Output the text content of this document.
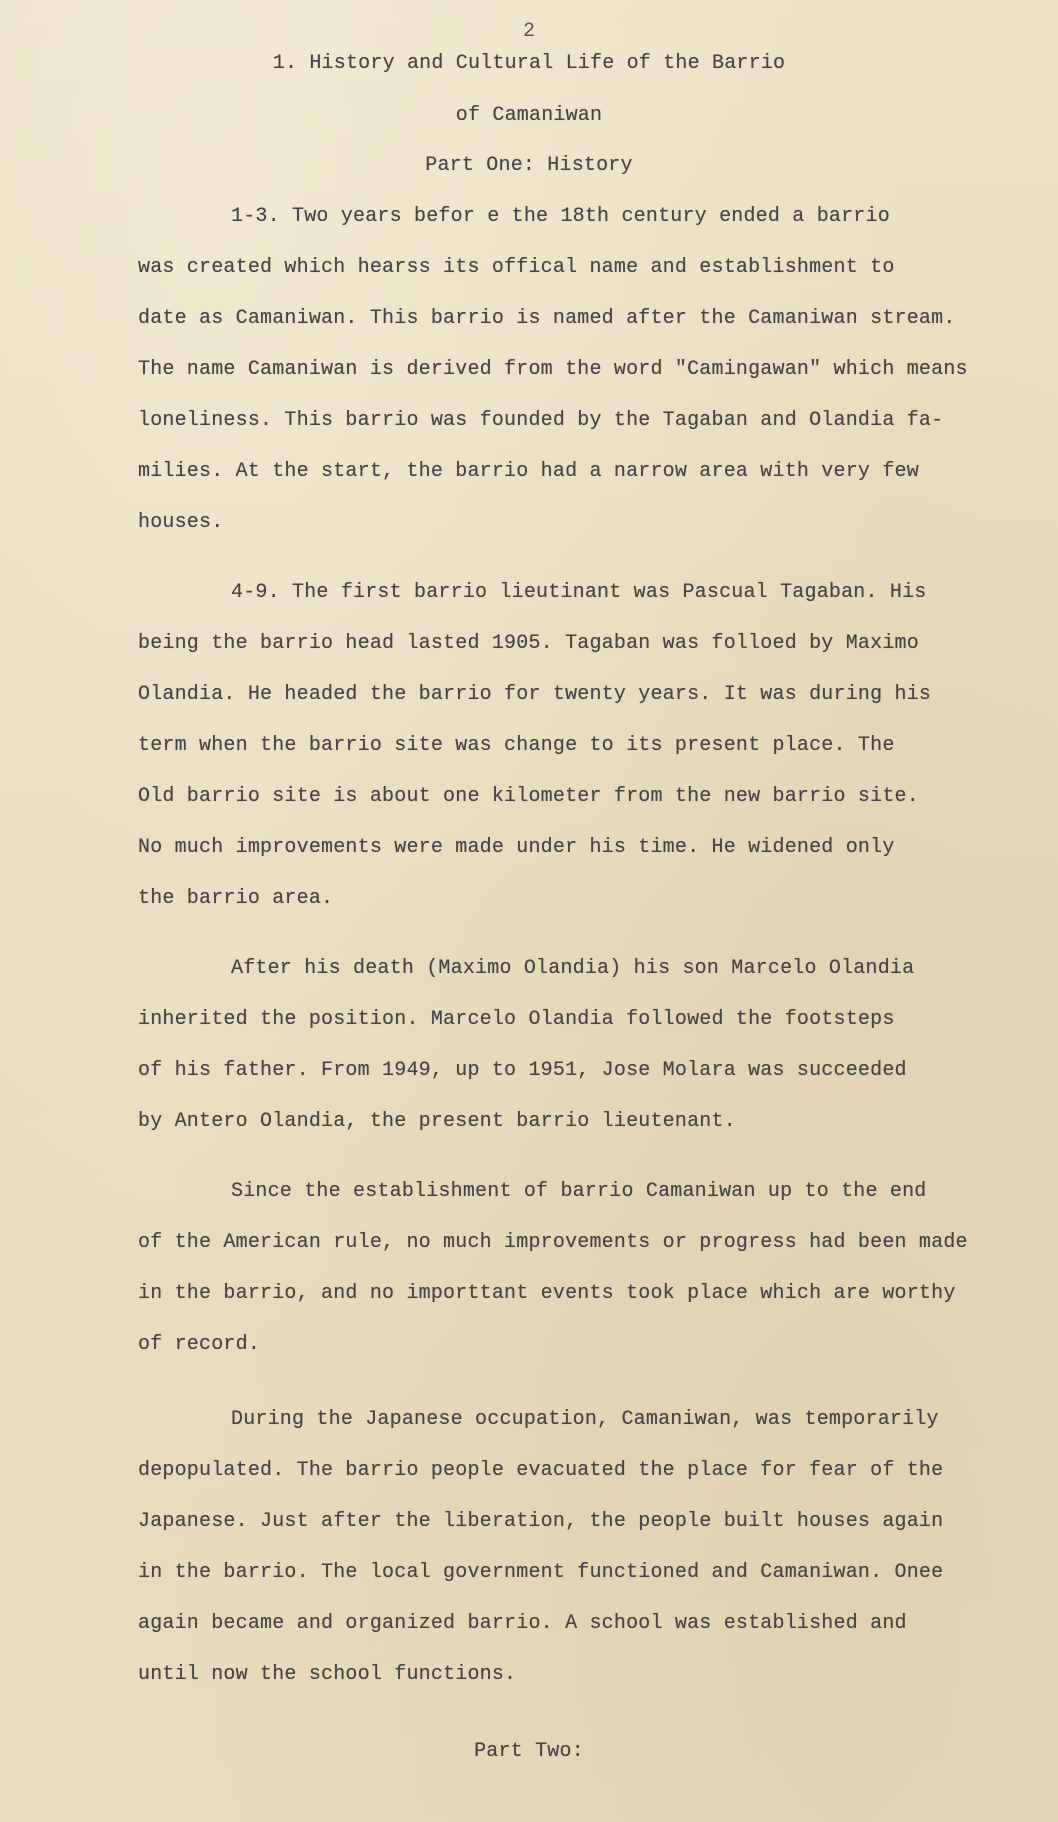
2
1. History and Cultural Life of the Barrio
of Camaniwan
Part One: History
1-3. Two years befor e the 18th century ended a barrio
was created which hearss its offical name and establishment to
date as Camaniwan. This barrio is named after the Camaniwan stream.
The name Camaniwan is derived from the word "Camingawan" which means
loneliness. This barrio was founded by the Tagaban and Olandia fa-
milies. At the start, the barrio had a narrow area with very few
houses.
4-9. The first barrio lieutinant was Pascual Tagaban. His
being the barrio head lasted 1905. Tagaban was folloed by Maximo
Olandia. He headed the barrio for twenty years. It was during his
term when the barrio site was change to its present place. The
Old barrio site is about one kilometer from the new barrio site.
No much improvements were made under his time. He widened only
the barrio area.
After his death (Maximo Olandia) his son Marcelo Olandia
inherited the position. Marcelo Olandia followed the footsteps
of his father. From 1949, up to 1951, Jose Molara was succeeded
by Antero Olandia, the present barrio lieutenant.
Since the establishment of barrio Camaniwan up to the end
of the American rule, no much improvements or progress had been made
in the barrio, and no importtant events took place which are worthy
of record.
During the Japanese occupation, Camaniwan, was temporarily
depopulated. The barrio people evacuated the place for fear of the
Japanese. Just after the liberation, the people built houses again
in the barrio. The local government functioned and Camaniwan. Onee
again became and organized barrio. A school was established and
until now the school functions.
Part Two:
